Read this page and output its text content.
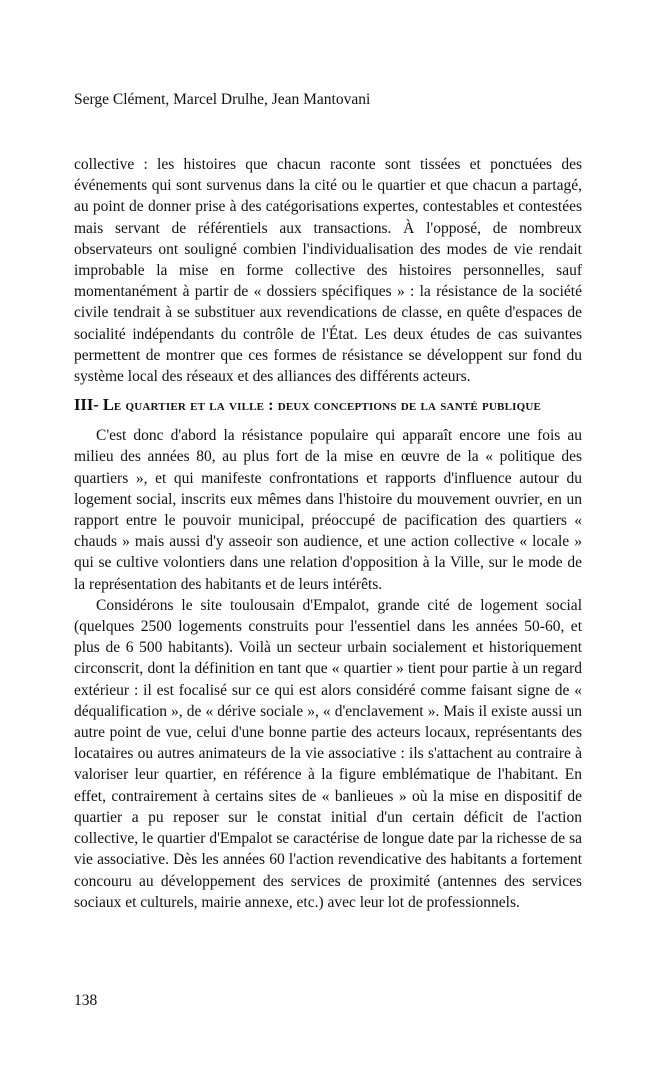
Serge Clément, Marcel Drulhe, Jean Mantovani

collective : les histoires que chacun raconte sont tissées et ponctuées des événements qui sont survenus dans la cité ou le quartier et que chacun a partagé, au point de donner prise à des catégorisations expertes, contestables et contestées mais servant de référentiels aux transactions. À l'opposé, de nombreux observateurs ont souligné combien l'individualisation des modes de vie rendait improbable la mise en forme collective des histoires personnelles, sauf momentanément à partir de « dossiers spécifiques » : la résistance de la société civile tendrait à se substituer aux revendications de classe, en quête d'espaces de socialité indépendants du contrôle de l'État. Les deux études de cas suivantes permettent de montrer que ces formes de résistance se développent sur fond du système local des réseaux et des alliances des différents acteurs.

III- Le quartier et la ville : deux conceptions de la santé publique

C'est donc d'abord la résistance populaire qui apparaît encore une fois au milieu des années 80, au plus fort de la mise en œuvre de la « politique des quartiers », et qui manifeste confrontations et rapports d'influence autour du logement social, inscrits eux mêmes dans l'histoire du mouvement ouvrier, en un rapport entre le pouvoir municipal, préoccupé de pacification des quartiers « chauds » mais aussi d'y asseoir son audience, et une action collective « locale » qui se cultive volontiers dans une relation d'opposition à la Ville, sur le mode de la représentation des habitants et de leurs intérêts.

Considérons le site toulousain d'Empalot, grande cité de logement social (quelques 2500 logements construits pour l'essentiel dans les années 50-60, et plus de 6 500 habitants). Voilà un secteur urbain socialement et historiquement circonscrit, dont la définition en tant que « quartier » tient pour partie à un regard extérieur : il est focalisé sur ce qui est alors considéré comme faisant signe de « déqualification », de « dérive sociale », « d'enclavement ». Mais il existe aussi un autre point de vue, celui d'une bonne partie des acteurs locaux, représentants des locataires ou autres animateurs de la vie associative : ils s'attachent au contraire à valoriser leur quartier, en référence à la figure emblématique de l'habitant. En effet, contrairement à certains sites de « banlieues » où la mise en dispositif de quartier a pu reposer sur le constat initial d'un certain déficit de l'action collective, le quartier d'Empalot se caractérise de longue date par la richesse de sa vie associative. Dès les années 60 l'action revendicative des habitants a fortement concouru au développement des services de proximité (antennes des services sociaux et culturels, mairie annexe, etc.) avec leur lot de professionnels.

138
